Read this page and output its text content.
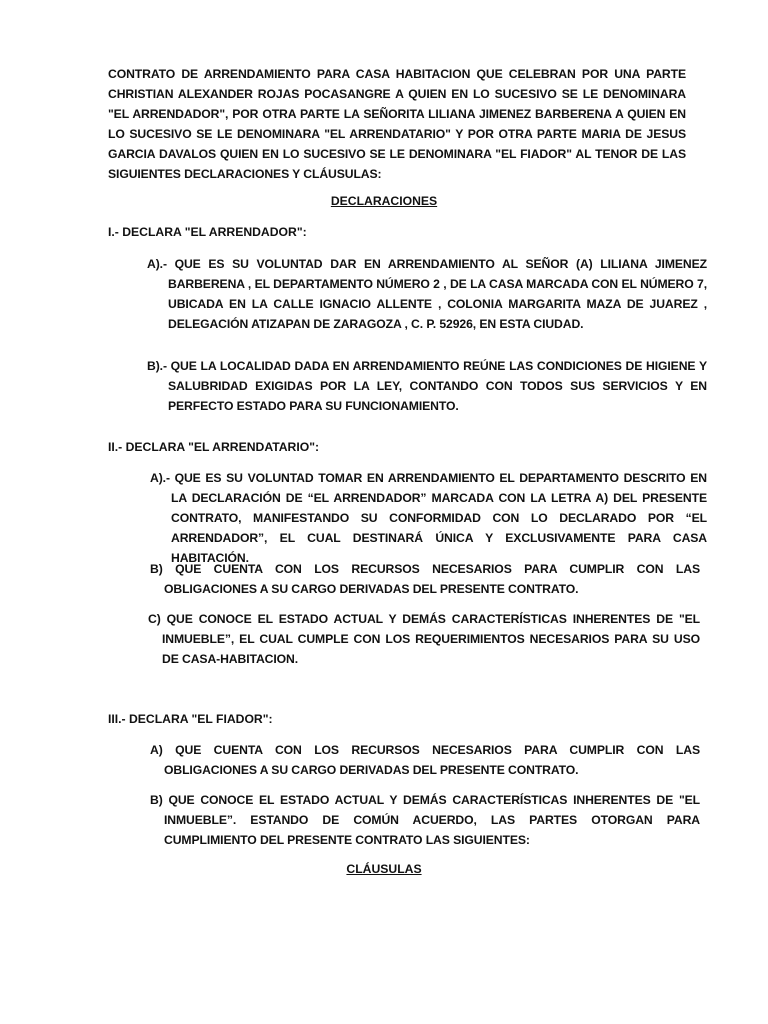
CONTRATO DE ARRENDAMIENTO PARA CASA HABITACION QUE CELEBRAN POR UNA PARTE CHRISTIAN ALEXANDER ROJAS POCASANGRE A QUIEN EN LO SUCESIVO SE LE DENOMINARA "EL ARRENDADOR", POR OTRA PARTE LA SEÑORITA LILIANA JIMENEZ BARBERENA A QUIEN EN LO SUCESIVO SE LE DENOMINARA "EL ARRENDATARIO" Y POR OTRA PARTE MARIA DE JESUS GARCIA DAVALOS QUIEN EN LO SUCESIVO SE LE DENOMINARA "EL FIADOR" AL TENOR DE LAS SIGUIENTES DECLARACIONES Y CLÁUSULAS:

DECLARACIONES

I.- DECLARA "EL ARRENDADOR":

A).- QUE ES SU VOLUNTAD DAR EN ARRENDAMIENTO AL SEÑOR (A) LILIANA JIMENEZ BARBERENA , EL DEPARTAMENTO NÚMERO 2 , DE LA CASA MARCADA CON EL NÚMERO 7, UBICADA EN LA CALLE IGNACIO ALLENTE , COLONIA MARGARITA MAZA DE JUAREZ , DELEGACIÓN ATIZAPAN DE ZARAGOZA , C. P. 52926, EN ESTA CIUDAD.

B).- QUE LA LOCALIDAD DADA EN ARRENDAMIENTO REÚNE LAS CONDICIONES DE HIGIENE Y SALUBRIDAD EXIGIDAS POR LA LEY, CONTANDO CON TODOS SUS SERVICIOS Y EN PERFECTO ESTADO PARA SU FUNCIONAMIENTO.

II.- DECLARA "EL ARRENDATARIO":

A).- QUE ES SU VOLUNTAD TOMAR EN ARRENDAMIENTO EL DEPARTAMENTO DESCRITO EN LA DECLARACIÓN DE “EL ARRENDADOR” MARCADA CON LA LETRA A) DEL PRESENTE CONTRATO, MANIFESTANDO SU CONFORMIDAD CON LO DECLARADO POR “EL ARRENDADOR”, EL CUAL DESTINARÁ ÚNICA Y EXCLUSIVAMENTE PARA CASA HABITACIÓN.

B) QUE CUENTA CON LOS RECURSOS NECESARIOS PARA CUMPLIR CON LAS OBLIGACIONES A SU CARGO DERIVADAS DEL PRESENTE CONTRATO.

C) QUE CONOCE EL ESTADO ACTUAL Y DEMÁS CARACTERÍSTICAS INHERENTES DE "EL INMUEBLE”, EL CUAL CUMPLE CON LOS REQUERIMIENTOS NECESARIOS PARA SU USO DE CASA-HABITACION.

III.- DECLARA "EL FIADOR":

A) QUE CUENTA CON LOS RECURSOS NECESARIOS PARA CUMPLIR CON LAS OBLIGACIONES A SU CARGO DERIVADAS DEL PRESENTE CONTRATO.

B) QUE CONOCE EL ESTADO ACTUAL Y DEMÁS CARACTERÍSTICAS INHERENTES DE "EL INMUEBLE”. ESTANDO DE COMÚN ACUERDO, LAS PARTES OTORGAN PARA CUMPLIMIENTO DEL PRESENTE CONTRATO LAS SIGUIENTES:

CLÁUSULAS
